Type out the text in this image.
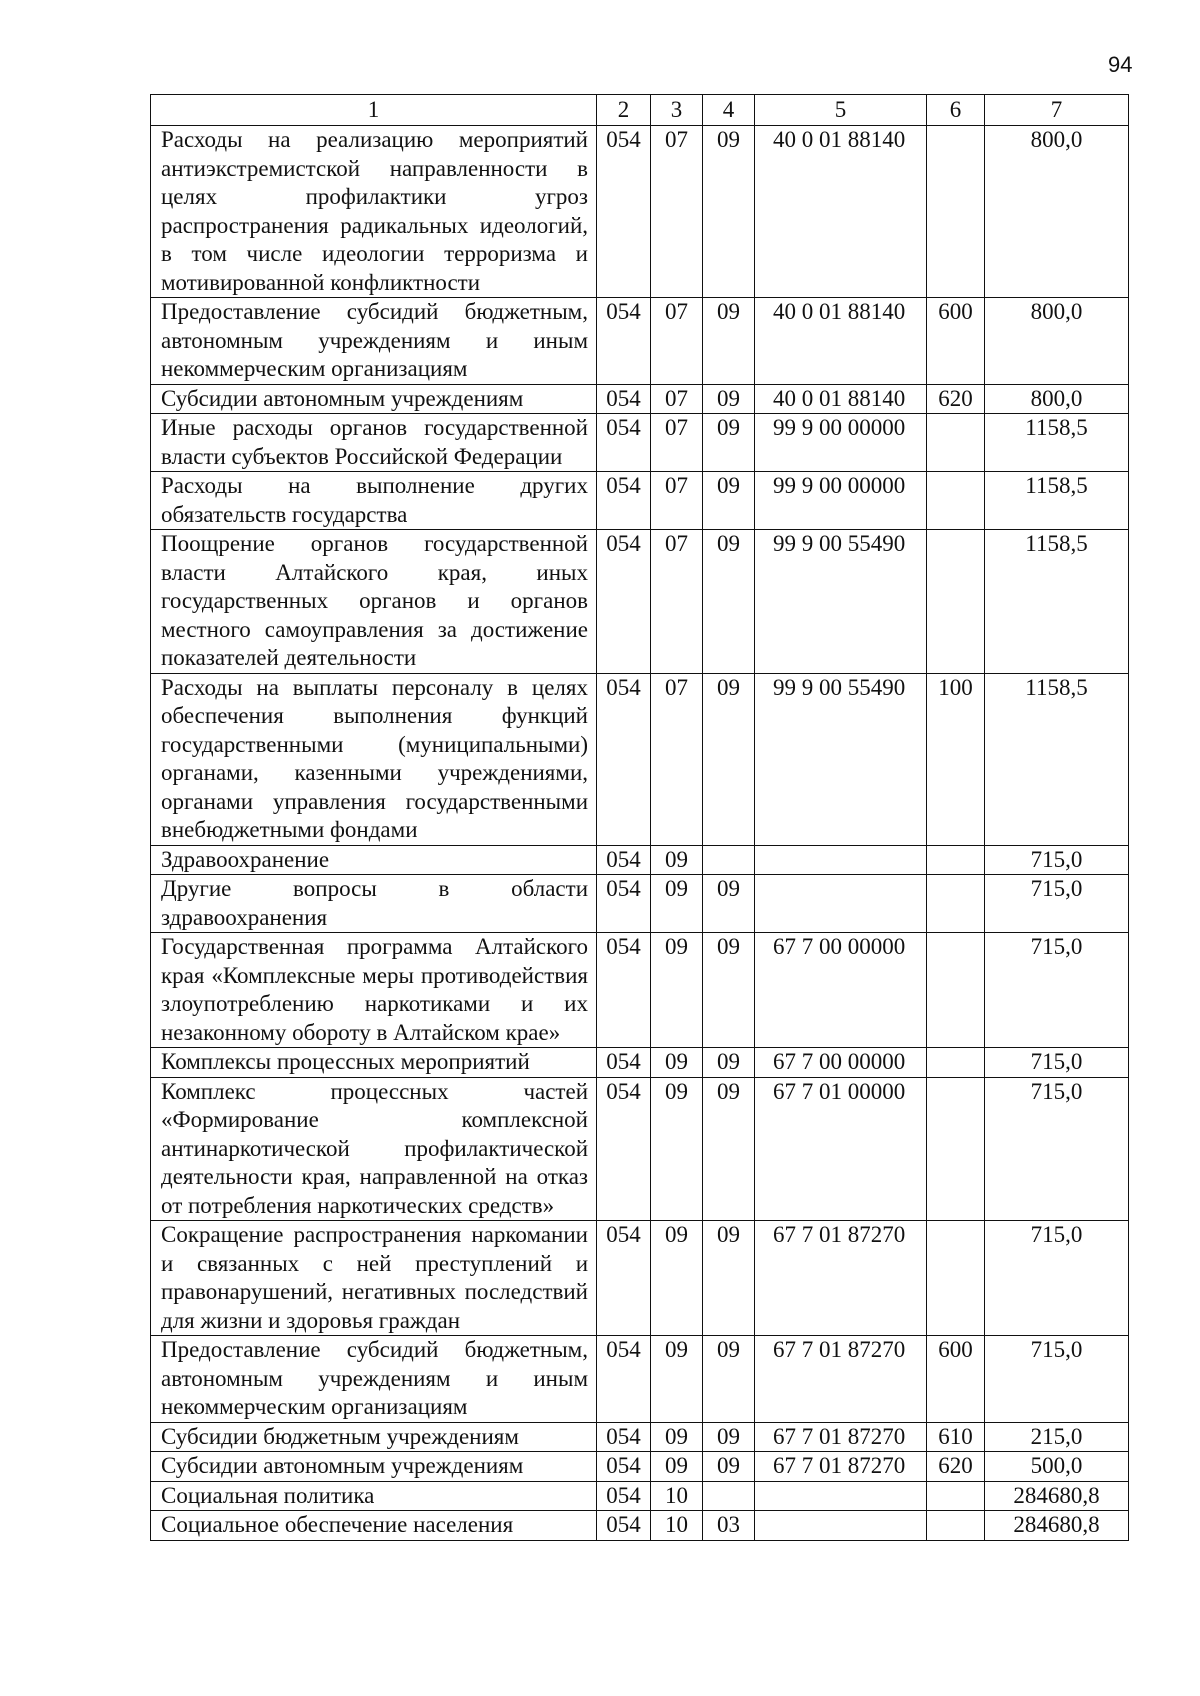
94
1	2	3	4	5	6	7
Расходы на реализацию мероприятий антиэкстремистской направленности в целях профилактики угроз распространения радикальных идеологий, в том числе идеологии терроризма и мотивированной конфликтности	054	07	09	40 0 01 88140		800,0
Предоставление субсидий бюджетным, автономным учреждениям и иным некоммерческим организациям	054	07	09	40 0 01 88140	600	800,0
Субсидии автономным учреждениям	054	07	09	40 0 01 88140	620	800,0
Иные расходы органов государственной власти субъектов Российской Федерации	054	07	09	99 9 00 00000		1158,5
Расходы на выполнение других обязательств государства	054	07	09	99 9 00 00000		1158,5
Поощрение органов государственной власти Алтайского края, иных государственных органов и органов местного самоуправления за достижение показателей деятельности	054	07	09	99 9 00 55490		1158,5
Расходы на выплаты персоналу в целях обеспечения выполнения функций государственными (муниципальными) органами, казенными учреждениями, органами управления государственными внебюджетными фондами	054	07	09	99 9 00 55490	100	1158,5
Здравоохранение	054	09				715,0
Другие вопросы в области здравоохранения	054	09	09			715,0
Государственная программа Алтайского края «Комплексные меры противодействия злоупотреблению наркотиками и их незаконному обороту в Алтайском крае»	054	09	09	67 7 00 00000		715,0
Комплексы процессных мероприятий	054	09	09	67 7 00 00000		715,0
Комплекс процессных частей «Формирование комплексной антинаркотической профилактической деятельности края, направленной на отказ от потребления наркотических средств»	054	09	09	67 7 01 00000		715,0
Сокращение распространения наркомании и связанных с ней преступлений и правонарушений, негативных последствий для жизни и здоровья граждан	054	09	09	67 7 01 87270		715,0
Предоставление субсидий бюджетным, автономным учреждениям и иным некоммерческим организациям	054	09	09	67 7 01 87270	600	715,0
Субсидии бюджетным учреждениям	054	09	09	67 7 01 87270	610	215,0
Субсидии автономным учреждениям	054	09	09	67 7 01 87270	620	500,0
Социальная политика	054	10				284680,8
Социальное обеспечение населения	054	10	03			284680,8
